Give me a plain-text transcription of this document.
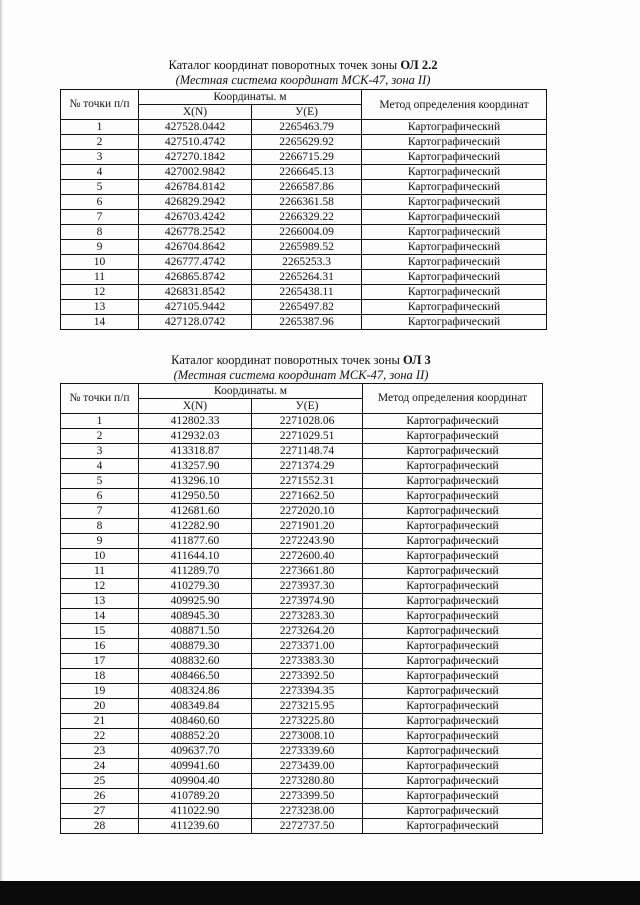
Каталог координат поворотных точек зоны ОЛ 2.2
(Местная система координат МСК-47, зона II)
№ точки п/п	Координаты. м		Метод определения координат
	X(N)	У(Е)	
1	427528.0442	2265463.79	Картографический
2	427510.4742	2265629.92	Картографический
3	427270.1842	2266715.29	Картографический
4	427002.9842	2266645.13	Картографический
5	426784.8142	2266587.86	Картографический
6	426829.2942	2266361.58	Картографический
7	426703.4242	2266329.22	Картографический
8	426778.2542	2266004.09	Картографический
9	426704.8642	2265989.52	Картографический
10	426777.4742	2265253.3	Картографический
11	426865.8742	2265264.31	Картографический
12	426831.8542	2265438.11	Картографический
13	427105.9442	2265497.82	Картографический
14	427128.0742	2265387.96	Картографический
Каталог координат поворотных точек зоны ОЛ 3
(Местная система координат МСК-47, зона II)
№ точки п/п	Координаты. м		Метод определения координат
	X(N)	У(Е)	
1	412802.33	2271028.06	Картографический
2	412932.03	2271029.51	Картографический
3	413318.87	2271148.74	Картографический
4	413257.90	2271374.29	Картографический
5	413296.10	2271552.31	Картографический
6	412950.50	2271662.50	Картографический
7	412681.60	2272020.10	Картографический
8	412282.90	2271901.20	Картографический
9	411877.60	2272243.90	Картографический
10	411644.10	2272600.40	Картографический
11	411289.70	2273661.80	Картографический
12	410279.30	2273937.30	Картографический
13	409925.90	2273974.90	Картографический
14	408945.30	2273283.30	Картографический
15	408871.50	2273264.20	Картографический
16	408879.30	2273371.00	Картографический
17	408832.60	2273383.30	Картографический
18	408466.50	2273392.50	Картографический
19	408324.86	2273394.35	Картографический
20	408349.84	2273215.95	Картографический
21	408460.60	2273225.80	Картографический
22	408852.20	2273008.10	Картографический
23	409637.70	2273339.60	Картографический
24	409941.60	2273439.00	Картографический
25	409904.40	2273280.80	Картографический
26	410789.20	2273399.50	Картографический
27	411022.90	2273238.00	Картографический
28	411239.60	2272737.50	Картографический
